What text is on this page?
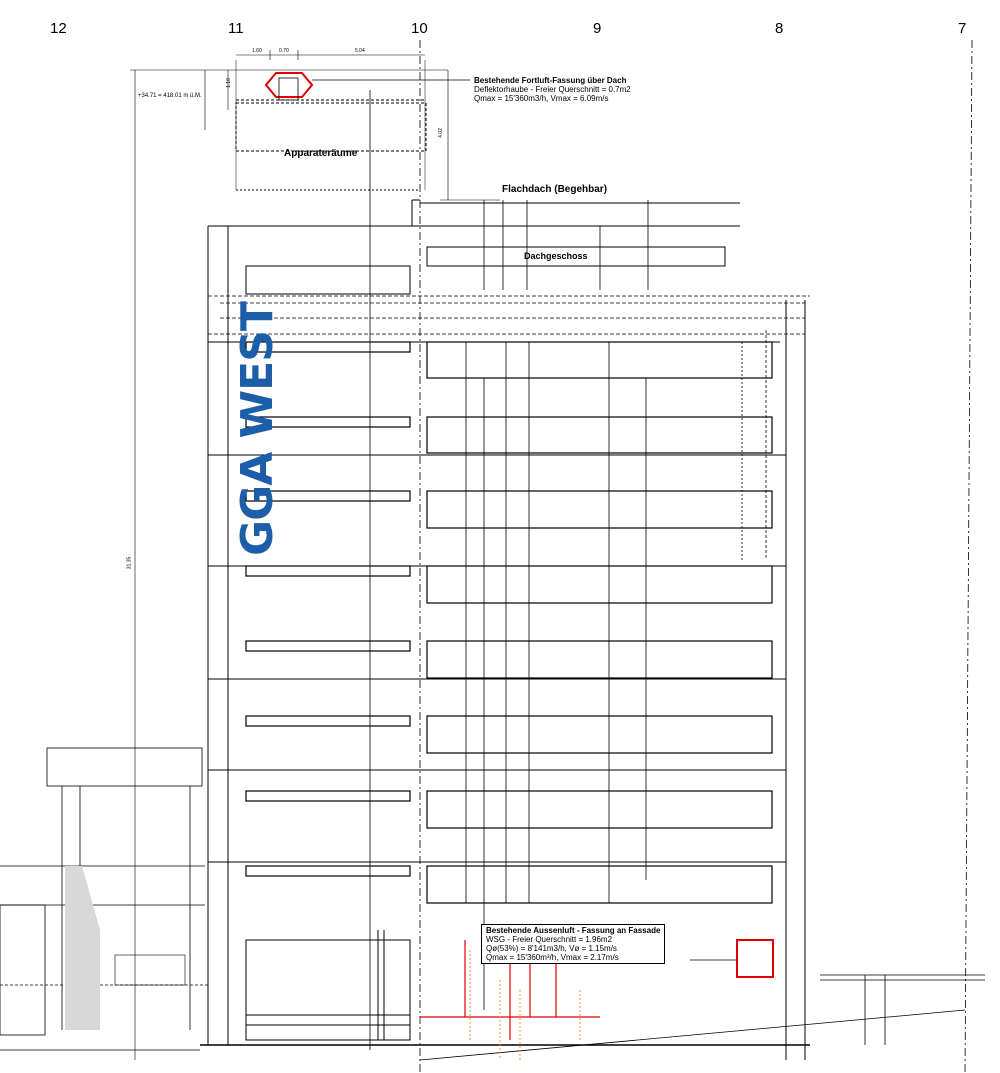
12	11	10	9	8	7
1.60	0.70	5.04
1.18
4.02
31.35
+34.71 = 418.01 m ü.M.
Apparateräume
Flachdach (Begehbar)
Dachgeschoss
GGA WEST
Bestehende Fortluft-Fassung über Dach
Deflektorhaube - Freier Querschnitt = 0.7m2
Qmax = 15'360m3/h, Vmax = 6.09m/s
Bestehende Aussenluft - Fassung an Fassade
WSG - Freier Querschnitt = 1.96m2
Qø(53%) = 8'141m3/h, Vø = 1.15m/s
Qmax = 15'360m³/h, Vmax = 2.17m/s
